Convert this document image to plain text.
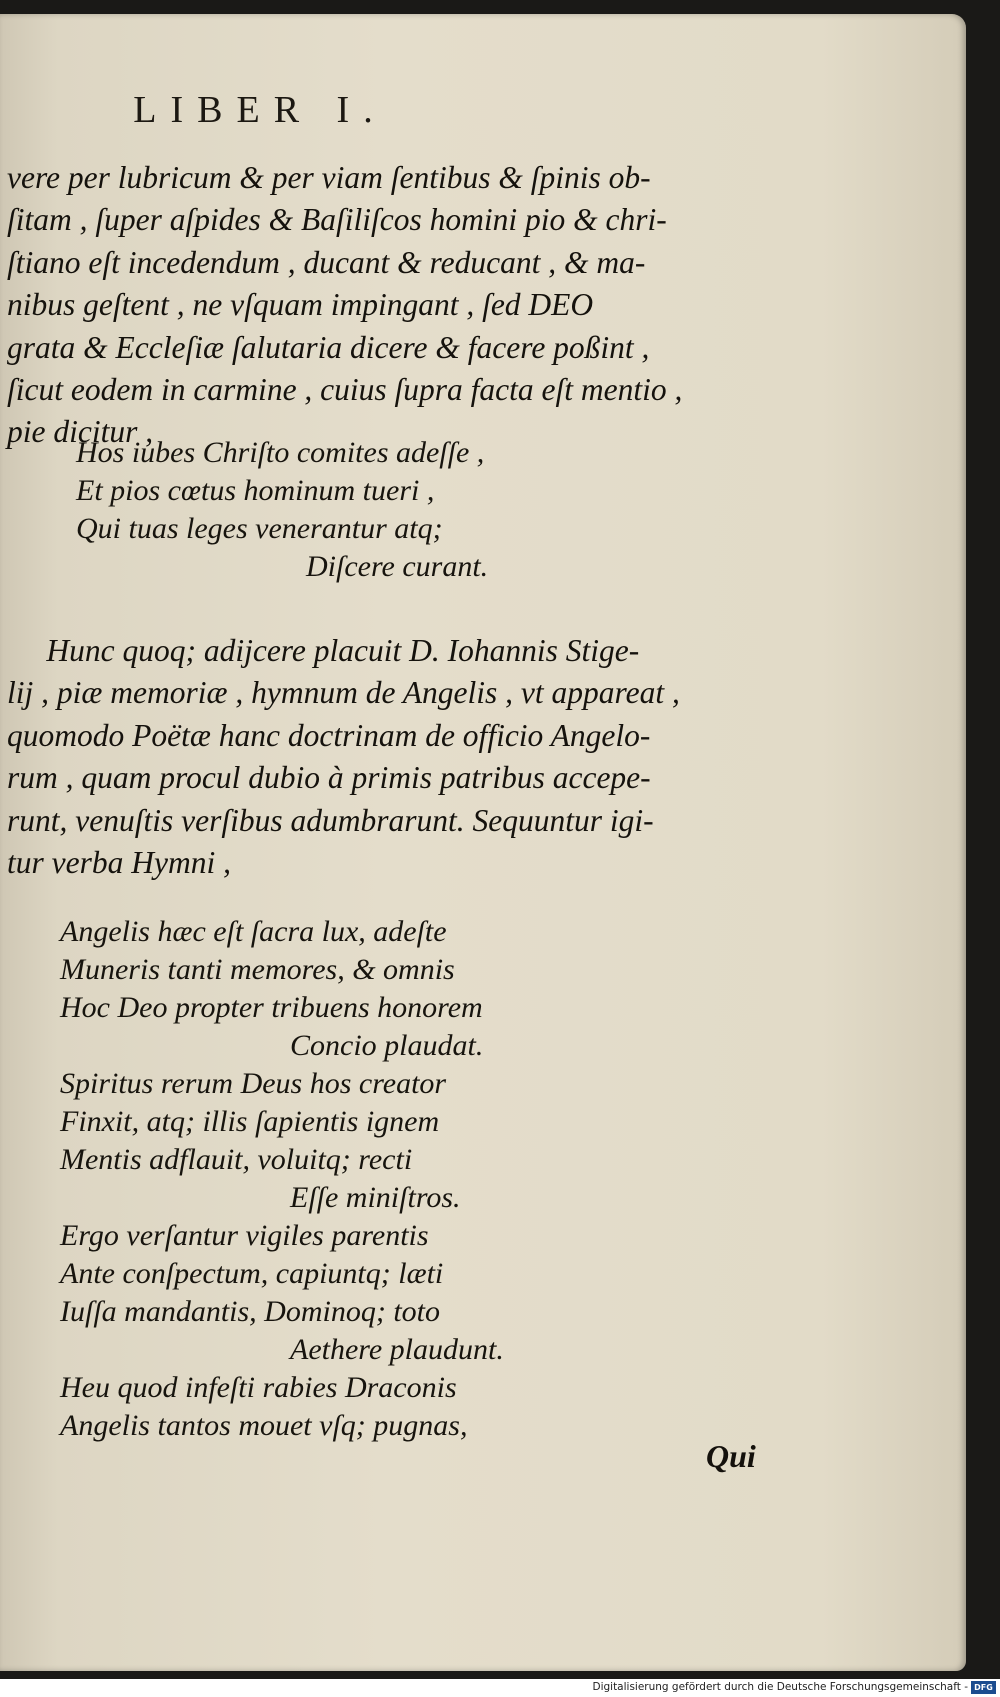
LIBER I.
vere per lubricum & per viam ſentibus & ſpinis ob-
ſitam , ſuper aſpides & Baſiliſcos homini pio & chri-
ſtiano eſt incedendum , ducant & reducant , & ma-
nibus geſtent , ne vſquam impingant , ſed DEO
grata & Eccleſiæ ſalutaria dicere & facere poßint ,
ſicut eodem in carmine , cuius ſupra facta eſt mentio ,
pie dicitur ,
Hos iubes Chriſto comites adeſſe ,
Et pios cœtus hominum tueri ,
Qui tuas leges venerantur atq;
Diſcere curant.
Hunc quoq; adijcere placuit D. Iohannis Stige-
lij , piæ memoriæ , hymnum de Angelis , vt appareat ,
quomodo Poëtæ hanc doctrinam de officio Angelo-
rum , quam procul dubio à primis patribus accepe-
runt, venuſtis verſibus adumbrarunt. Sequuntur igi-
tur verba Hymni ,
Angelis hæc eſt ſacra lux, adeſte
Muneris tanti memores, & omnis
Hoc Deo propter tribuens honorem
Concio plaudat.
Spiritus rerum Deus hos creator
Finxit, atq; illis ſapientis ignem
Mentis adflauit, voluitq; recti
Eſſe miniſtros.
Ergo verſantur vigiles parentis
Ante conſpectum, capiuntq; læti
Iuſſa mandantis, Dominoq; toto
Aethere plaudunt.
Heu quod infeſti rabies Draconis
Angelis tantos mouet vſq; pugnas,
Qui
Digitalisierung gefördert durch die Deutsche Forschungsgemeinschaft - DFG
